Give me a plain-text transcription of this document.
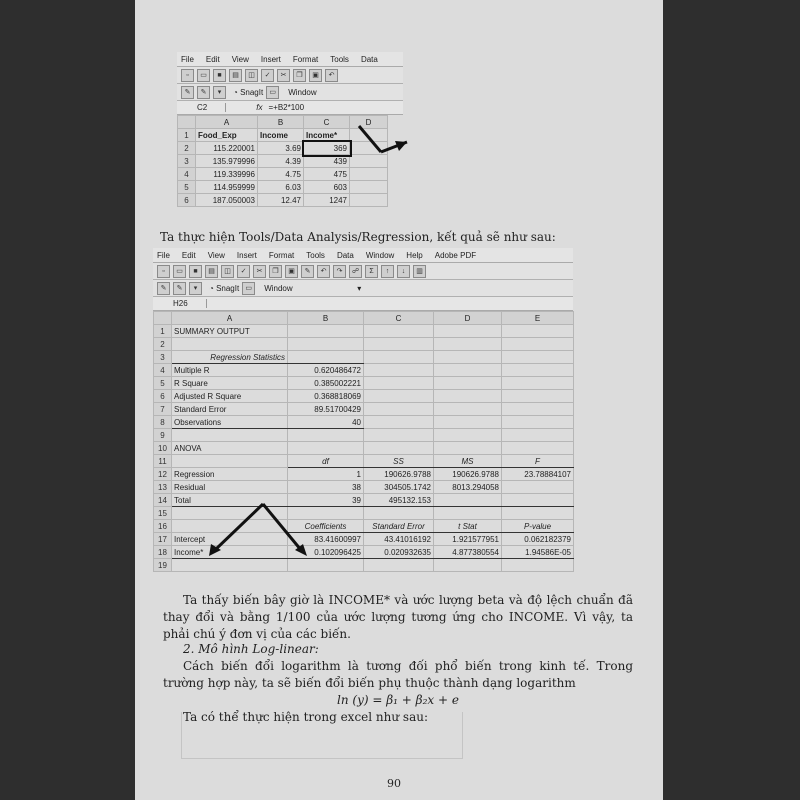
File Edit View Insert Format Tools Data
▫	▭	■	▤	◫	✓	✂	❐	▣	↶
✎	✎	▾	◔ SnagIt ▭	Window
C2	fx =+B2*100
	A	B	C	D
1	Food_Exp	Income	Income*	
2	115.220001	3.69	369	
3	135.979996	4.39	439	
4	119.339996	4.75	475	
5	114.959999	6.03	603	
6	187.050003	12.47	1247	
Ta thực hiện Tools/Data Analysis/Regression, kết quả sẽ như sau:
File Edit View Insert Format Tools Data Window Help Adobe PDF
▫	▭	■	▤	◫	✓	✂	❐	▣	✎	↶	↷	☍	Σ	↑	↓	▥
✎	✎	▾	◔ SnagIt ▭	Window	▾
H26
	A	B	C	D	E
1	SUMMARY OUTPUT				
2					
3	Regression Statistics				
4	Multiple R	0.620486472			
5	R Square	0.385002221			
6	Adjusted R Square	0.368818069			
7	Standard Error	89.51700429			
8	Observations	40			
9					
10	ANOVA				
11		df	SS	MS	F
12	Regression	1	190626.9788	190626.9788	23.78884107
13	Residual	38	304505.1742	8013.294058	
14	Total	39	495132.153		
15					
16		Coefficients	Standard Error	t Stat	P-value
17	Intercept	83.41600997	43.41016192	1.921577951	0.062182379
18	Income*	0.102096425	0.020932635	4.877380554	1.94586E-05
19					
Ta thấy biến bây giờ là INCOME* và ước lượng beta và độ lệch chuẩn đã thay đổi và bằng 1/100 của ước lượng tương ứng cho INCOME. Vì vậy, ta phải chú ý đơn vị của các biến.
2. Mô hình Log-linear:
Cách biến đổi logarithm là tương đối phổ biến trong kinh tế. Trong trường hợp này, ta sẽ biến đổi biến phụ thuộc thành dạng logarithm
ln (y) = β₁ + β₂x + e
Ta có thể thực hiện trong excel như sau:
90
